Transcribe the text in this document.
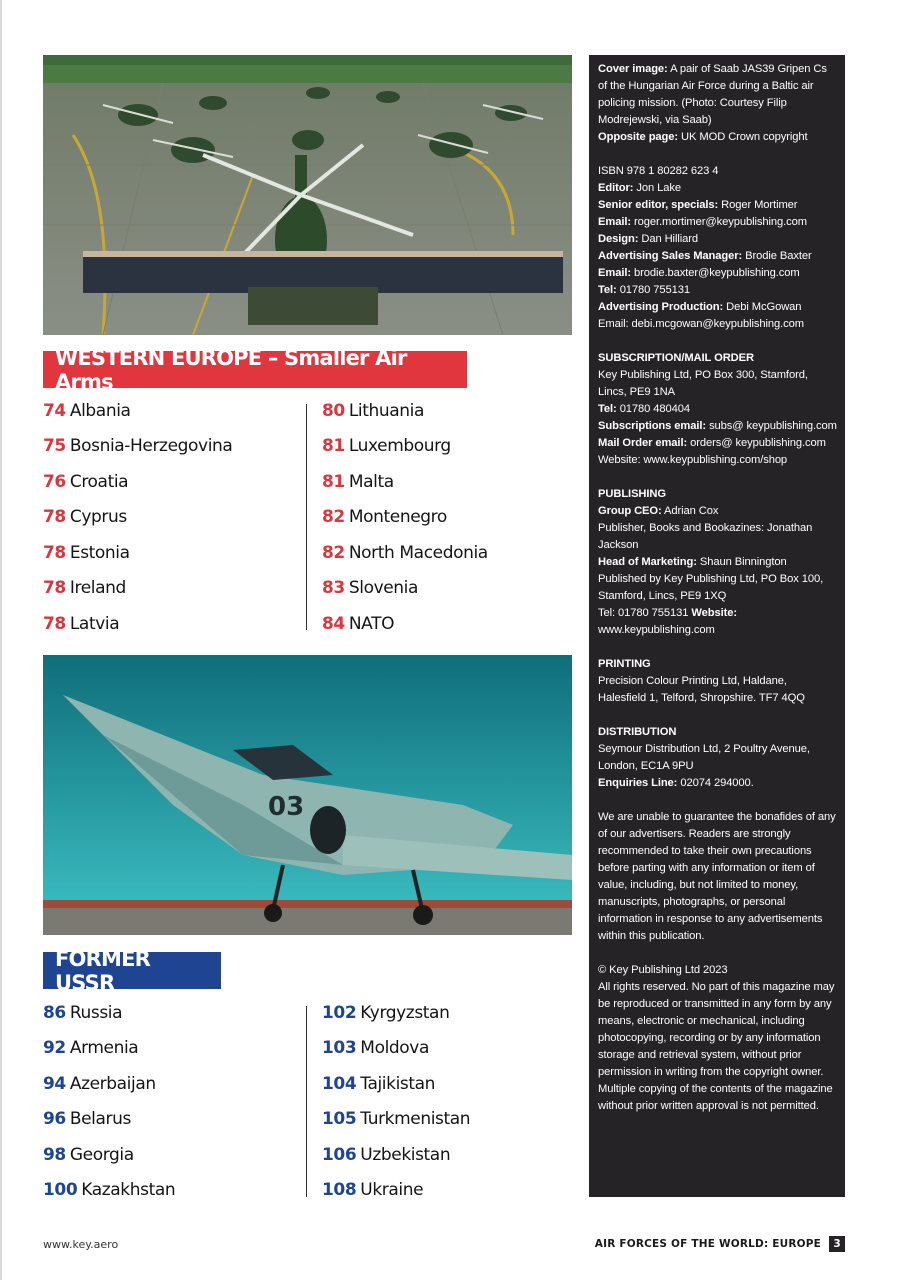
WESTERN EUROPE – Smaller Air Arms
74 Albania
75 Bosnia-Herzegovina
76 Croatia
78 Cyprus
78 Estonia
78 Ireland
78 Latvia
80 Lithuania
81 Luxembourg
81 Malta
82 Montenegro
82 North Macedonia
83 Slovenia
84 NATO
03
FORMER USSR
86 Russia
92 Armenia
94 Azerbaijan
96 Belarus
98 Georgia
100 Kazakhstan
102 Kyrgyzstan
103 Moldova
104 Tajikistan
105 Turkmenistan
106 Uzbekistan
108 Ukraine

Cover image: A pair of Saab JAS39 Gripen Cs of the Hungarian Air Force during a Baltic air policing mission. (Photo: Courtesy Filip Modrejewski, via Saab)

Opposite page: UK MOD Crown copyright

ISBN 978 1 80282 623 4

Editor: Jon Lake

Senior editor, specials: Roger Mortimer

Email: roger.mortimer@keypublishing.com

Design: Dan Hilliard

Advertising Sales Manager: Brodie Baxter

Email: brodie.baxter@keypublishing.com

Tel: 01780 755131

Advertising Production: Debi McGowan

Email: debi.mcgowan@keypublishing.com

SUBSCRIPTION/MAIL ORDER

Key Publishing Ltd, PO Box 300, Stamford, Lincs, PE9 1NA

Tel: 01780 480404

Subscriptions email: subs@ keypublishing.com

Mail Order email: orders@ keypublishing.com

Website: www.keypublishing.com/shop

PUBLISHING

Group CEO: Adrian Cox

Publisher, Books and Bookazines: Jonathan Jackson

Head of Marketing: Shaun Binnington

Published by Key Publishing Ltd, PO Box 100, Stamford, Lincs, PE9 1XQ

Tel: 01780 755131 Website: www.keypublishing.com

PRINTING

Precision Colour Printing Ltd, Haldane, Halesfield 1, Telford, Shropshire. TF7 4QQ

DISTRIBUTION

Seymour Distribution Ltd, 2 Poultry Avenue, London, EC1A 9PU

Enquiries Line: 02074 294000.

We are unable to guarantee the bonafides of any of our advertisers. Readers are strongly recommended to take their own precautions before parting with any information or item of value, including, but not limited to money, manuscripts, photographs, or personal information in response to any advertisements within this publication.

© Key Publishing Ltd 2023

All rights reserved. No part of this magazine may be reproduced or transmitted in any form by any means, electronic or mechanical, including photocopying, recording or by any information storage and retrieval system, without prior permission in writing from the copyright owner. Multiple copying of the contents of the magazine without prior written approval is not permitted.

www.key.aero	AIR FORCES OF THE WORLD: EUROPE	3
